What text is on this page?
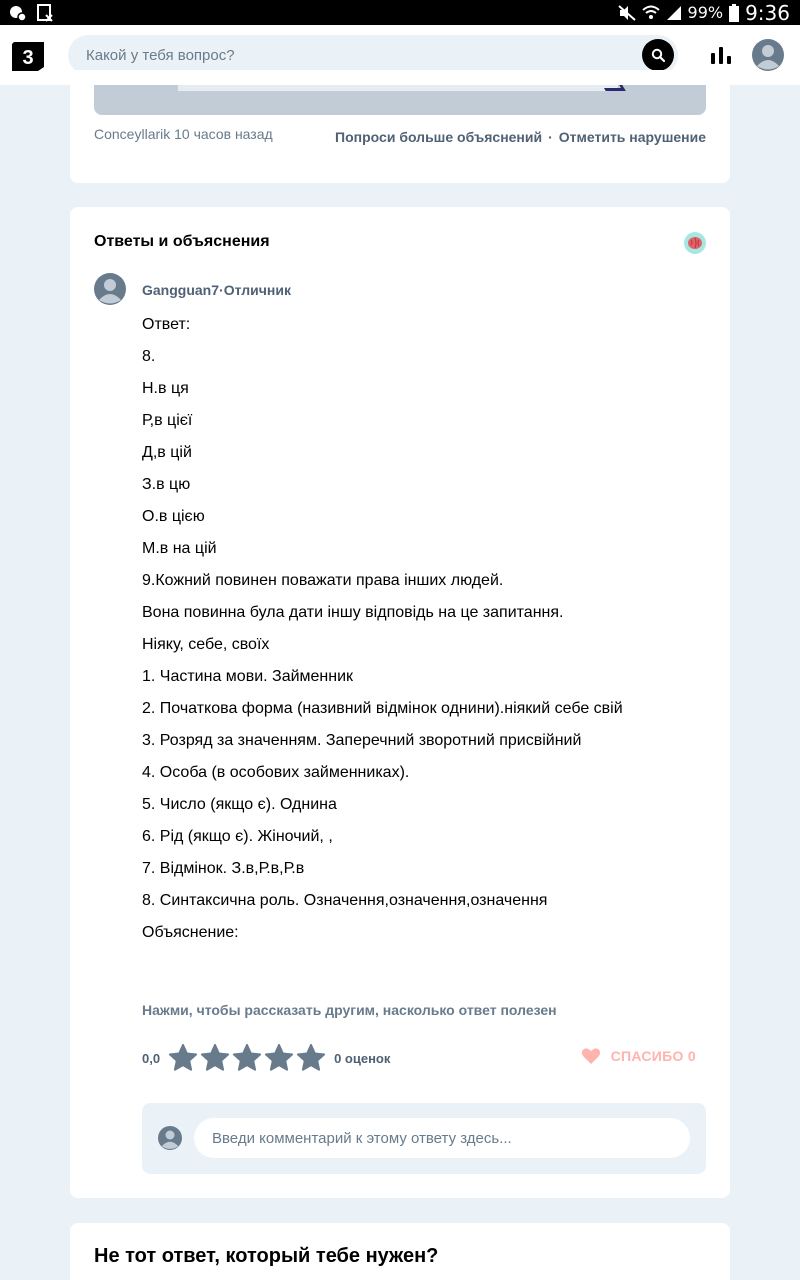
99% 9:36
3
Какой у тебя вопрос?
Conceyllarik 10 часов назад	Попроси больше объяснений · Отметить нарушение
Ответы и объяснения
Gangguan7·Отличник
Ответ:
8.
Н.в ця
Р,в цієї
Д,в цій
З.в цю
О.в цією
М.в на цій
9.Кожний повинен поважати права інших людей.
Вона повинна була дати іншу відповідь на це запитання.
Ніяку, себе, своїх
1. Частина мови. Займенник
2. Початкова форма (називний відмінок однини).ніякий себе свій
3. Розряд за значенням. Заперечний зворотний присвійний
4. Особа (в особових займенниках).
5. Число (якщо є). Однина
6. Рід (якщо є). Жіночий, ,
7. Відмінок. З.в,Р.в,Р.в
8. Синтаксична роль. Означення,означення,означення
Объяснение:
Нажми, чтобы рассказать другим, насколько ответ полезен
0,0	0 оценок	СПАСИБО 0
Введи комментарий к этому ответу здесь...
Не тот ответ, который тебе нужен?
